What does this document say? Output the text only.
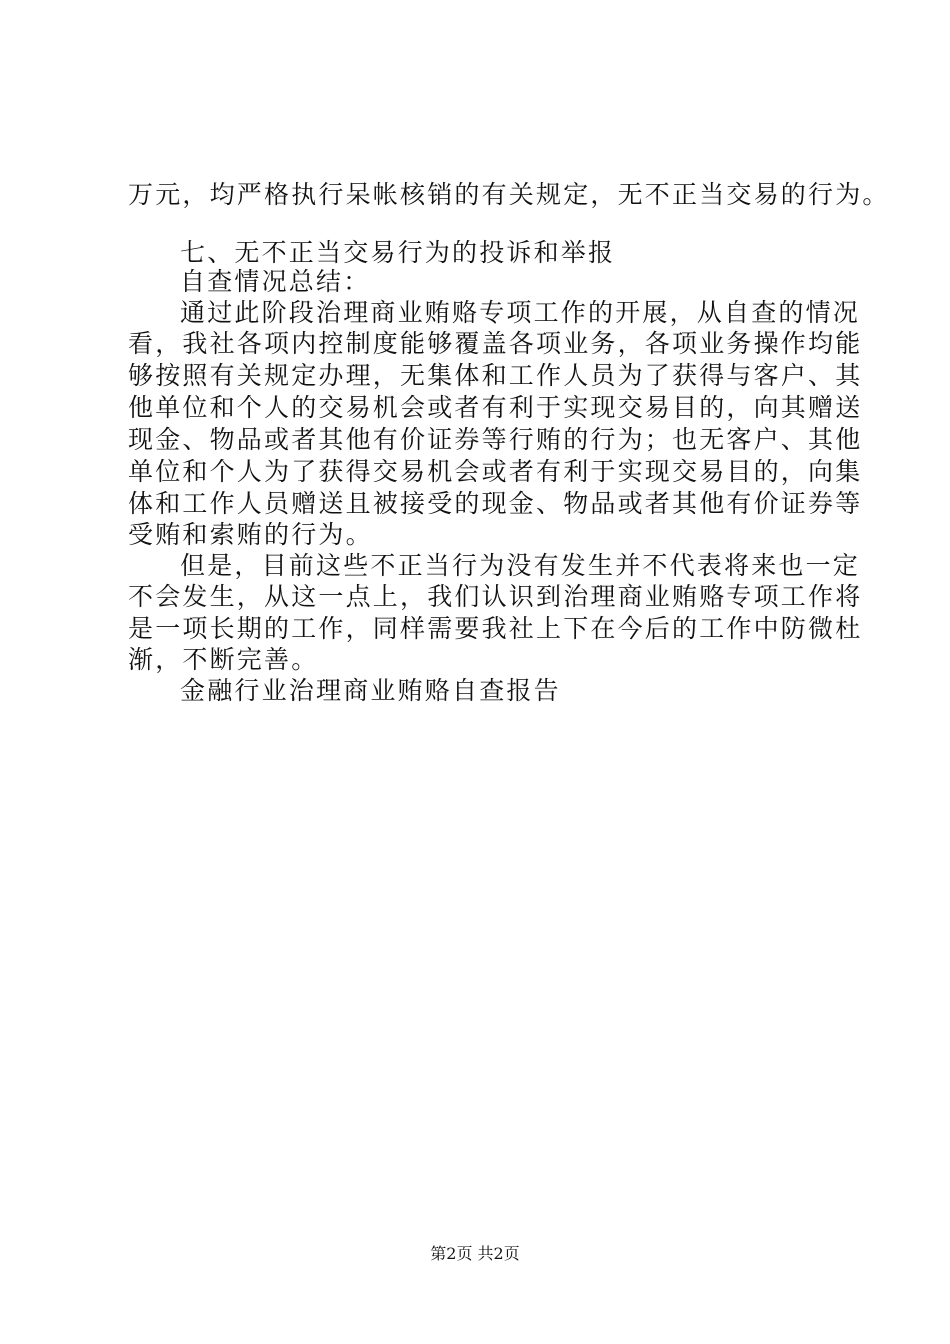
万元，均严格执行呆帐核销的有关规定，无不正当交易的行为。
七、无不正当交易行为的投诉和举报
自查情况总结：
通过此阶段治理商业贿赂专项工作的开展，从自查的情况
看，我社各项内控制度能够覆盖各项业务，各项业务操作均能
够按照有关规定办理，无集体和工作人员为了获得与客户、其
他单位和个人的交易机会或者有利于实现交易目的，向其赠送
现金、物品或者其他有价证券等行贿的行为；也无客户、其他
单位和个人为了获得交易机会或者有利于实现交易目的，向集
体和工作人员赠送且被接受的现金、物品或者其他有价证券等
受贿和索贿的行为。
但是，目前这些不正当行为没有发生并不代表将来也一定
不会发生，从这一点上，我们认识到治理商业贿赂专项工作将
是一项长期的工作，同样需要我社上下在今后的工作中防微杜
渐，不断完善。
金融行业治理商业贿赂自查报告
第2页 共2页
